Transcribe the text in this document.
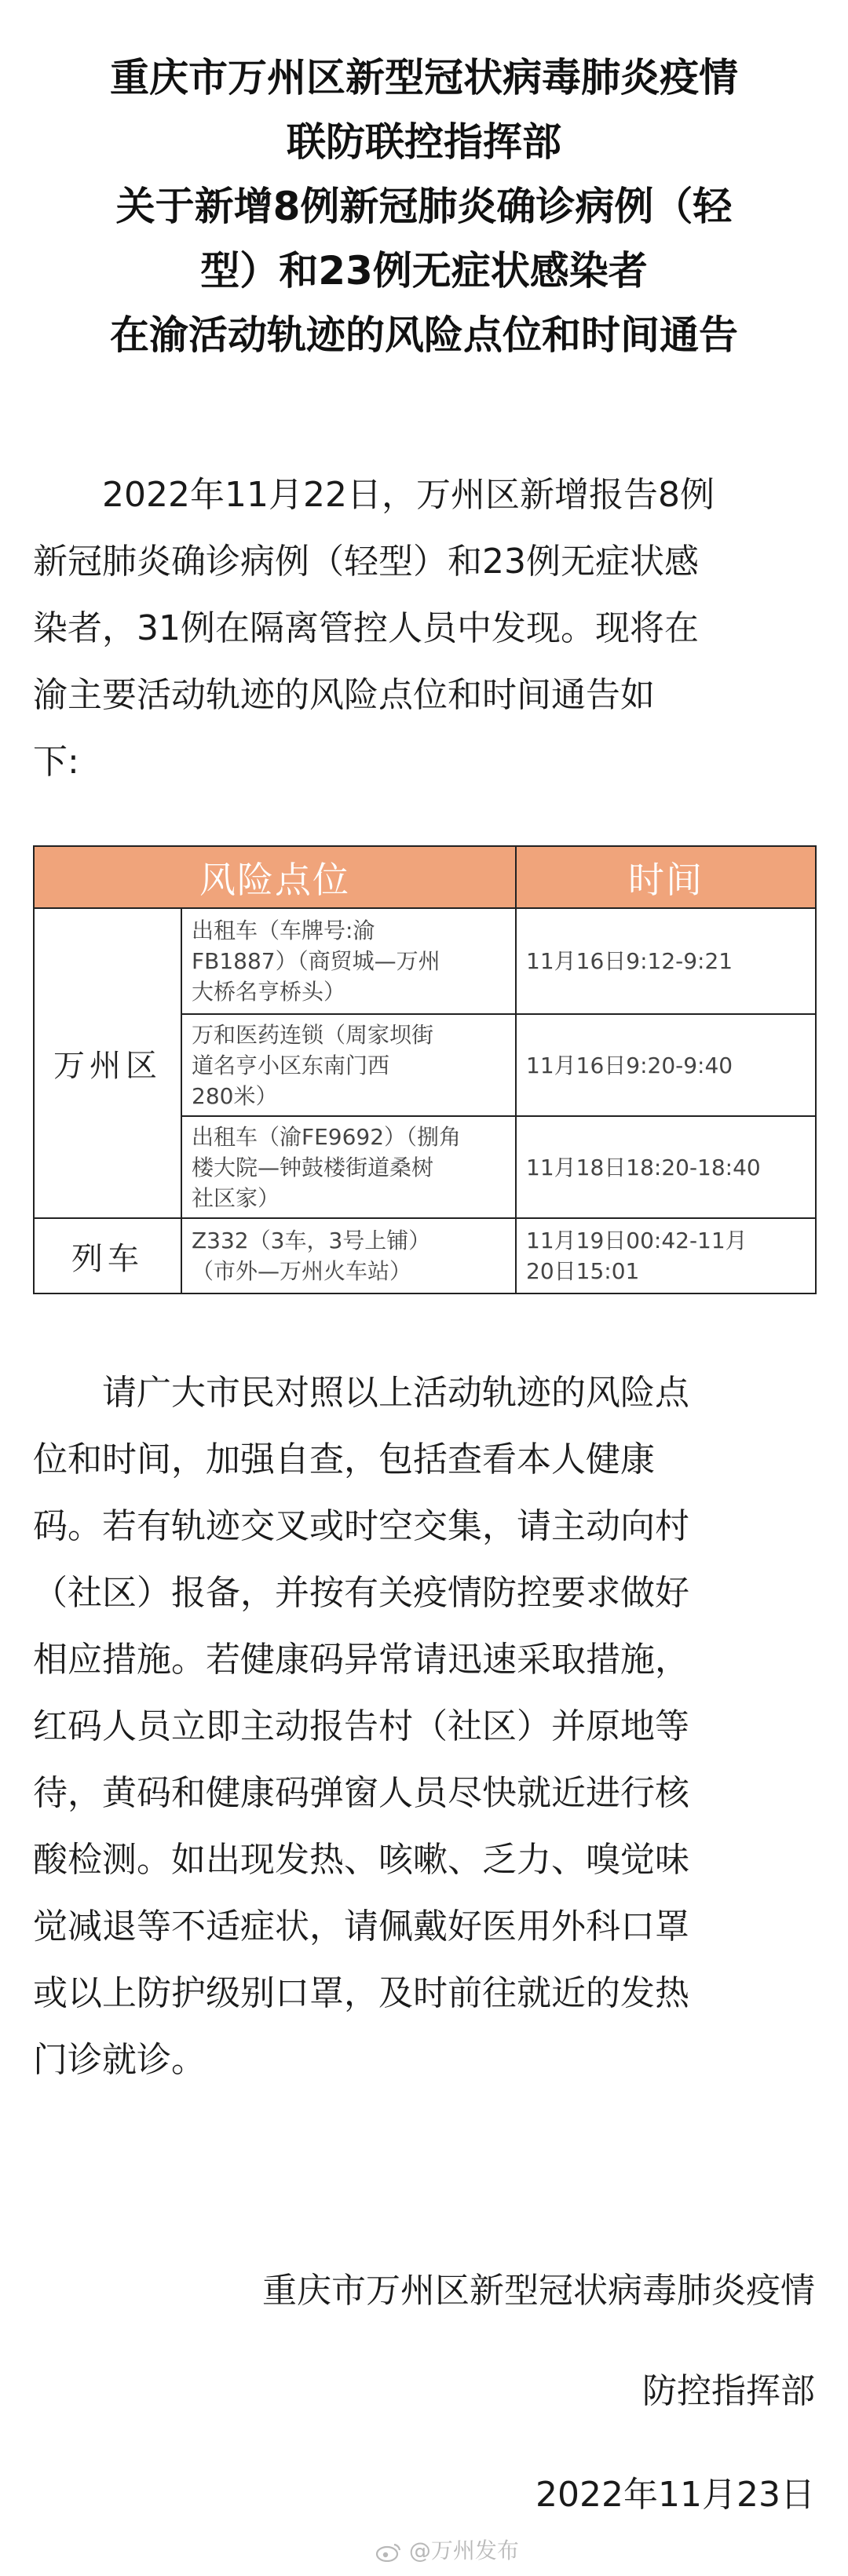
重庆市万州区新型冠状病毒肺炎疫情
联防联控指挥部
关于新增8例新冠肺炎确诊病例（轻
型）和23例无症状感染者
在渝活动轨迹的风险点位和时间通告
2022年11月22日，万州区新增报告8例
新冠肺炎确诊病例（轻型）和23例无症状感
染者，31例在隔离管控人员中发现。现将在
渝主要活动轨迹的风险点位和时间通告如
下:
风险点位		时间
万州区	出租车（车牌号:渝
FB1887）（商贸城—万州
大桥名亨桥头）	11月16日9:12-9:21

	万和医药连锁（周家坝街
道名亨小区东南门西
280米）	11月16日9:20-9:40

	出租车（渝FE9692）（捌角
楼大院—钟鼓楼街道桑树
社区家）	11月18日18:20-18:40

列车	Z332（3车，3号上铺）
（市外—万州火车站）	11月19日00:42-11月
20日15:01
请广大市民对照以上活动轨迹的风险点
位和时间，加强自查，包括查看本人健康
码。若有轨迹交叉或时空交集，请主动向村
（社区）报备，并按有关疫情防控要求做好
相应措施。若健康码异常请迅速采取措施，
红码人员立即主动报告村（社区）并原地等
待，黄码和健康码弹窗人员尽快就近进行核
酸检测。如出现发热、咳嗽、乏力、嗅觉味
觉减退等不适症状，请佩戴好医用外科口罩
或以上防护级别口罩，及时前往就近的发热
门诊就诊。
重庆市万州区新型冠状病毒肺炎疫情
防控指挥部
2022年11月23日
@万州发布
